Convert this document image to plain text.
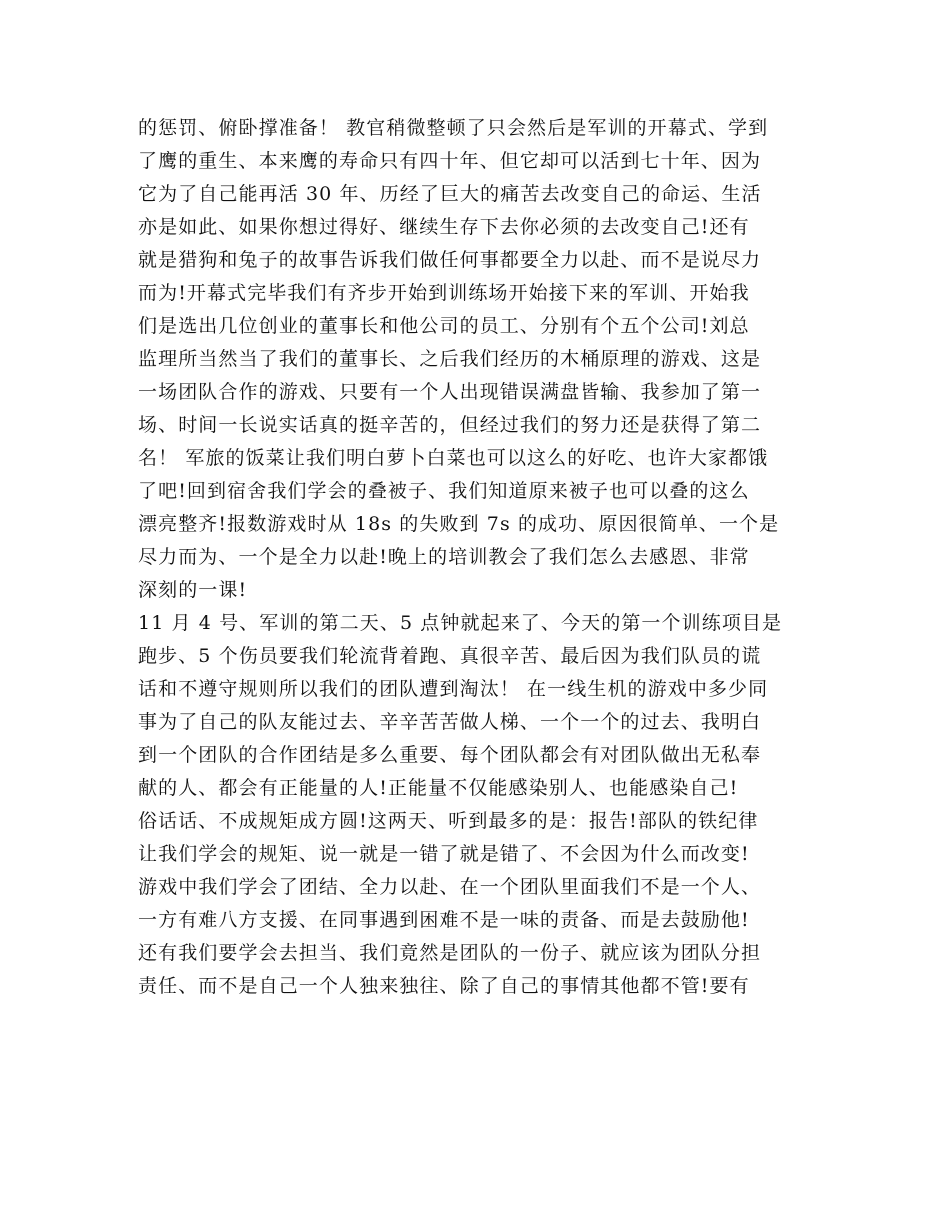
的惩罚、俯卧撑准备！ 教官稍微整顿了只会然后是军训的开幕式、学到
了鹰的重生、本来鹰的寿命只有四十年、但它却可以活到七十年、因为
它为了自己能再活 30 年、历经了巨大的痛苦去改变自己的命运、生活
亦是如此、如果你想过得好、继续生存下去你必须的去改变自己!还有
就是猎狗和兔子的故事告诉我们做任何事都要全力以赴、而不是说尽力
而为!开幕式完毕我们有齐步开始到训练场开始接下来的军训、开始我
们是选出几位创业的董事长和他公司的员工、分别有个五个公司!刘总
监理所当然当了我们的董事长、之后我们经历的木桶原理的游戏、这是
一场团队合作的游戏、只要有一个人出现错误满盘皆输、我参加了第一
场、时间一长说实话真的挺辛苦的，但经过我们的努力还是获得了第二
名！ 军旅的饭菜让我们明白萝卜白菜也可以这么的好吃、也许大家都饿
了吧!回到宿舍我们学会的叠被子、我们知道原来被子也可以叠的这么
漂亮整齐!报数游戏时从 18s 的失败到 7s 的成功、原因很简单、一个是
尽力而为、一个是全力以赴!晚上的培训教会了我们怎么去感恩、非常
深刻的一课!
11 月 4 号、军训的第二天、5 点钟就起来了、今天的第一个训练项目是
跑步、5 个伤员要我们轮流背着跑、真很辛苦、最后因为我们队员的谎
话和不遵守规则所以我们的团队遭到淘汰！ 在一线生机的游戏中多少同
事为了自己的队友能过去、辛辛苦苦做人梯、一个一个的过去、我明白
到一个团队的合作团结是多么重要、每个团队都会有对团队做出无私奉
献的人、都会有正能量的人!正能量不仅能感染别人、也能感染自己!
俗话话、不成规矩成方圆!这两天、听到最多的是：报告!部队的铁纪律
让我们学会的规矩、说一就是一错了就是错了、不会因为什么而改变!
游戏中我们学会了团结、全力以赴、在一个团队里面我们不是一个人、
一方有难八方支援、在同事遇到困难不是一味的责备、而是去鼓励他!
还有我们要学会去担当、我们竟然是团队的一份子、就应该为团队分担
责任、而不是自己一个人独来独往、除了自己的事情其他都不管!要有
